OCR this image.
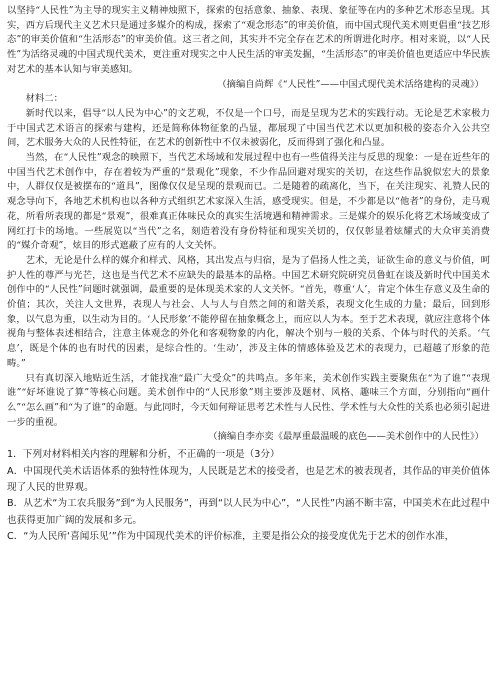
以坚持“人民性”为主导的现实主义精神烛照下，探索的包括意象、抽象、表现、象征等在内的多种艺术形态呈现。其实，西方后现代主义艺术只是通过多媒介的构成，探索了“观念形态”的审美价值，而中国式现代美术则更倡重“技艺形态”的审美价值和“生活形态”的审美价值。这三者之间，其实并不完全存在艺术的所谓进化时序。相对来说，以“人民性”为活络灵魂的中国式现代美术，更注重对现实之中人民生活的审美发掘，“生活形态”的审美价值也更适应中华民族对艺术的基本认知与审美感知。

（摘编自尚辉《“人民性”——中国式现代美术活络建构的灵魂》）

材料二：

新时代以来，倡导“以人民为中心”的文艺观，不仅是一个口号，而是呈现为艺术的实践行动。无论是艺术家极力于中国式艺术语言的探索与建构，还是简称体物征象的凸显，都展现了中国当代艺术以更加积极的姿态介入公共空间，艺术服务大众的人民性特征，在艺术的创新性中不仅未被弱化，反而得到了强化和凸显。

当然，在“人民性”观念的映照下，当代艺术场域和发展过程中也有一些值得关注与反思的现象：一是在近些年的中国当代艺术创作中，存在着较为严重的“景观化”现象，不少作品回避对现实的关切，在这些作品貌似宏大的景象中，人群仅仅是被摆布的“道具”，图像仅仅是呈现的景观而已。二是随着的疏离化，当下，在关注现实、礼赞人民的观念导向下，各地艺术机构也以各种方式组织艺术家深入生活，感受现实。但是，不少都是以“他者”的身份，走马观花，所看所表现的都是“景观”，很难真正体味民众的真实生活境遇和精神需求。三是媒介的娱乐化将艺术场域变成了网红打卡的场地。一些展览以“当代”之名，刻造着没有身份特征和现实关切的，仅仅彰显着炫耀式的大众审美消费的“媒介奇观”，炫目的形式遮蔽了应有的人文关怀。

艺术，无论是什么样的媒介和样式、风格，其出发点与归宿，是为了倡扬人性之美，证欲生命的意义与价值，呵护人性的尊严与光芒，这也是当代艺术不应缺失的最基本的品格。中国艺术研究院研究员鲁虹在谈及新时代中国美术创作中的“人民性”问题时就强调，最重要的是体现美术家的人文关怀。“首先，尊重‘人’，肯定个体生存意义及生命的价值；其次，关注人文世界，表现人与社会、人与人与自然之间的和谐关系，表现文化生成的力量；最后，回到形象，以气息为重，以生动为目的。‘人民形象’不能停留在抽象概念上，而应以人为本。至于艺术表现，就应注意将个体视角与整体表述相结合，注意主体观念的外化和客观物象的内化，解决个别与一般的关系、个体与时代的关系。‘气息’，既是个体的也有时代的因素，是综合性的。‘生动’，涉及主体的情感体验及艺术的表现力，已超越了形象的范畴。”

只有真切深入地贴近生活，才能找准“最广大受众”的共鸣点。多年来，美术创作实践主要聚焦在“为了谁”“表现谁”“好坏谁说了算”等核心问题。美术创作中的“人民形象”则主要涉及题材、风格、趣味三个方面，分别指向“画什么”“怎么画”和“为了谁”的命题。与此同时，今天如何辩证思考艺术性与人民性、学术性与大众性的关系也必须引起进一步的重视。

（摘编自李亦奕《最厚重最温暖的底色——美术创作中的人民性》）

1．下列对材料相关内容的理解和分析，不正确的一项是（3分）

A．中国现代美术话语体系的独特性体现为，人民既是艺术的接受者，也是艺术的被表现者，其作品的审美价值体现了人民的世界观。

B．从艺术“为工农兵服务”到“为人民服务”，再到“以人民为中心”，“人民性”内涵不断丰富，中国美术在此过程中也获得更加广阔的发展和多元。

C．“为人民所‘喜闻乐见’”作为中国现代美术的评价标准，主要是指公众的接受度优先于艺术的创作水准，
